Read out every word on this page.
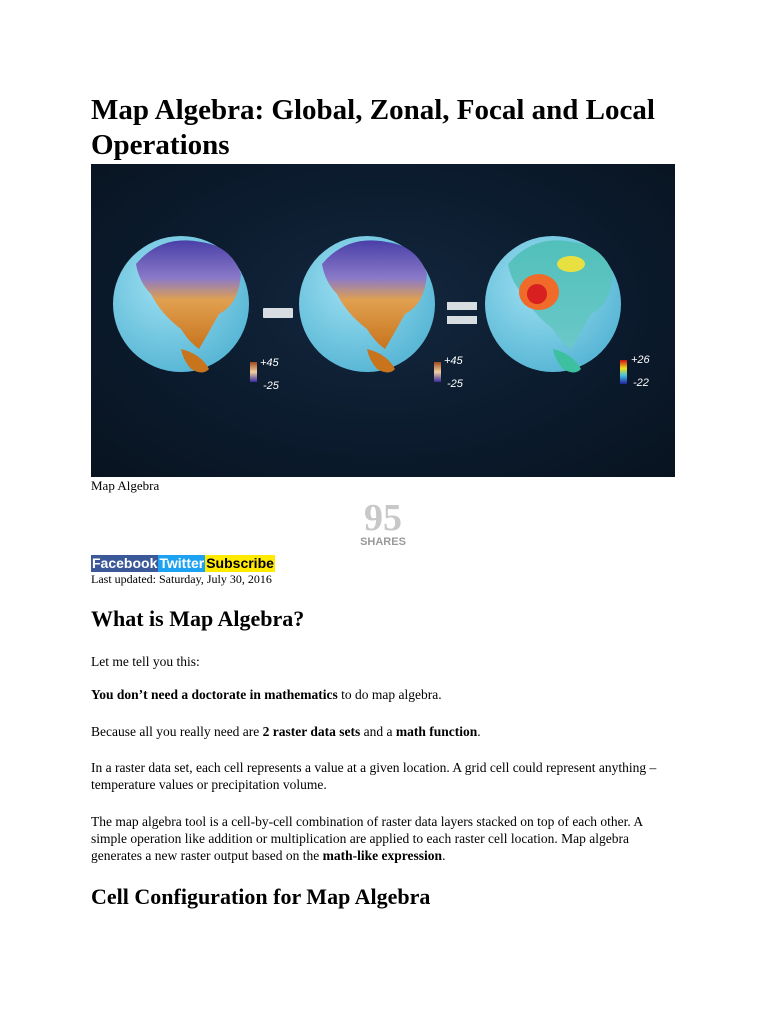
Map Algebra: Global, Zonal, Focal and Local Operations
+45
-25
+45
-25
+26
-22
Map Algebra
95
SHARES
Facebook Twitter Subscribe
Last updated: Saturday, July 30, 2016
What is Map Algebra?

Let me tell you this:

You don’t need a doctorate in mathematics to do map algebra.

Because all you really need are 2 raster data sets and a math function.

In a raster data set, each cell represents a value at a given location. A grid cell could represent anything – temperature values or precipitation volume.

The map algebra tool is a cell-by-cell combination of raster data layers stacked on top of each other. A simple operation like addition or multiplication are applied to each raster cell location. Map algebra generates a new raster output based on the math-like expression.

Cell Configuration for Map Algebra
